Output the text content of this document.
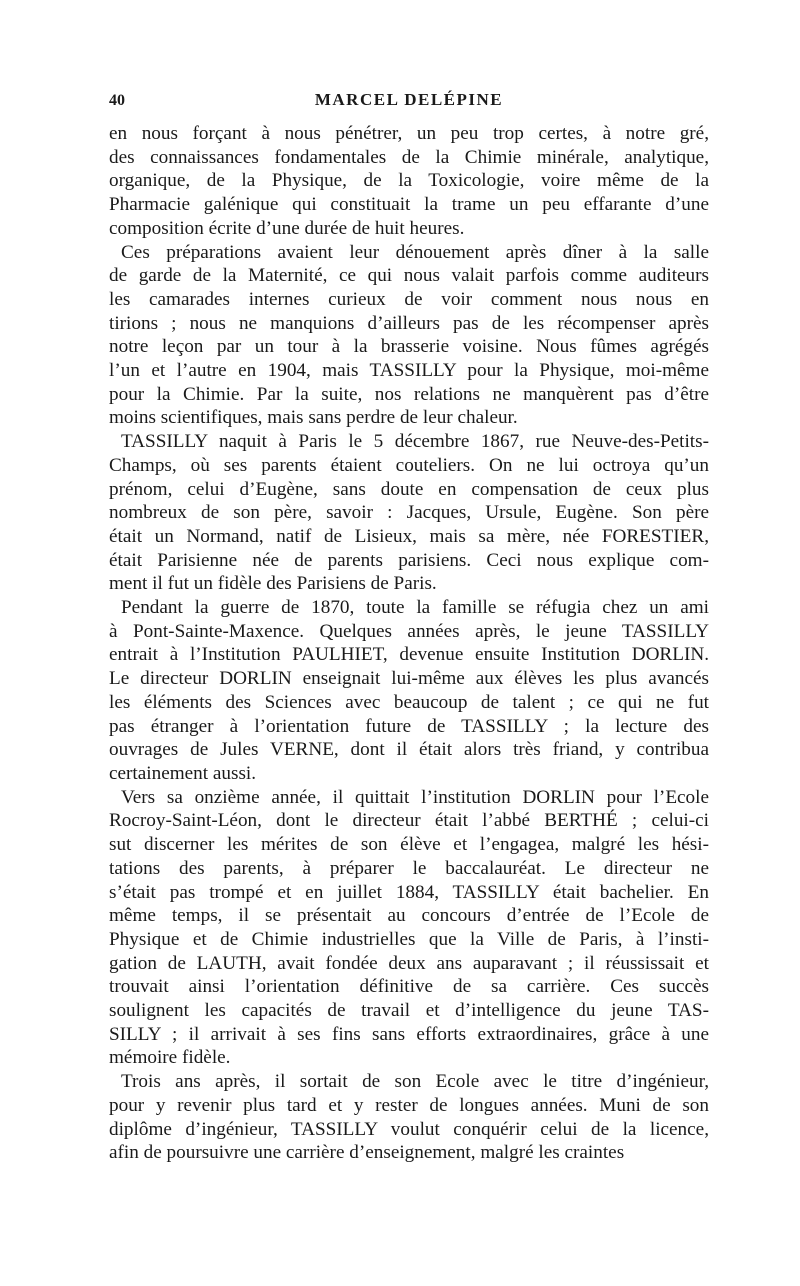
40	MARCEL DELÉPINE
en nous forçant à nous pénétrer, un peu trop certes, à notre gré,
des connaissances fondamentales de la Chimie minérale, analytique,
organique, de la Physique, de la Toxicologie, voire même de la
Pharmacie galénique qui constituait la trame un peu effarante d’une
composition écrite d’une durée de huit heures.
Ces préparations avaient leur dénouement après dîner à la salle
de garde de la Maternité, ce qui nous valait parfois comme auditeurs
les camarades internes curieux de voir comment nous nous en
tirions ; nous ne manquions d’ailleurs pas de les récompenser après
notre leçon par un tour à la brasserie voisine. Nous fûmes agrégés
l’un et l’autre en 1904, mais TASSILLY pour la Physique, moi-même
pour la Chimie. Par la suite, nos relations ne manquèrent pas d’être
moins scientifiques, mais sans perdre de leur chaleur.
TASSILLY naquit à Paris le 5 décembre 1867, rue Neuve-des-Petits-
Champs, où ses parents étaient couteliers. On ne lui octroya qu’un
prénom, celui d’Eugène, sans doute en compensation de ceux plus
nombreux de son père, savoir : Jacques, Ursule, Eugène. Son père
était un Normand, natif de Lisieux, mais sa mère, née FORESTIER,
était Parisienne née de parents parisiens. Ceci nous explique com-
ment il fut un fidèle des Parisiens de Paris.
Pendant la guerre de 1870, toute la famille se réfugia chez un ami
à Pont-Sainte-Maxence. Quelques années après, le jeune TASSILLY
entrait à l’Institution PAULHIET, devenue ensuite Institution DORLIN.
Le directeur DORLIN enseignait lui-même aux élèves les plus avancés
les éléments des Sciences avec beaucoup de talent ; ce qui ne fut
pas étranger à l’orientation future de TASSILLY ; la lecture des
ouvrages de Jules VERNE, dont il était alors très friand, y contribua
certainement aussi.
Vers sa onzième année, il quittait l’institution DORLIN pour l’Ecole
Rocroy-Saint-Léon, dont le directeur était l’abbé BERTHÉ ; celui-ci
sut discerner les mérites de son élève et l’engagea, malgré les hési-
tations des parents, à préparer le baccalauréat. Le directeur ne
s’était pas trompé et en juillet 1884, TASSILLY était bachelier. En
même temps, il se présentait au concours d’entrée de l’Ecole de
Physique et de Chimie industrielles que la Ville de Paris, à l’insti-
gation de LAUTH, avait fondée deux ans auparavant ; il réussissait et
trouvait ainsi l’orientation définitive de sa carrière. Ces succès
soulignent les capacités de travail et d’intelligence du jeune TAS-
SILLY ; il arrivait à ses fins sans efforts extraordinaires, grâce à une
mémoire fidèle.
Trois ans après, il sortait de son Ecole avec le titre d’ingénieur,
pour y revenir plus tard et y rester de longues années. Muni de son
diplôme d’ingénieur, TASSILLY voulut conquérir celui de la licence,
afin de poursuivre une carrière d’enseignement, malgré les craintes
